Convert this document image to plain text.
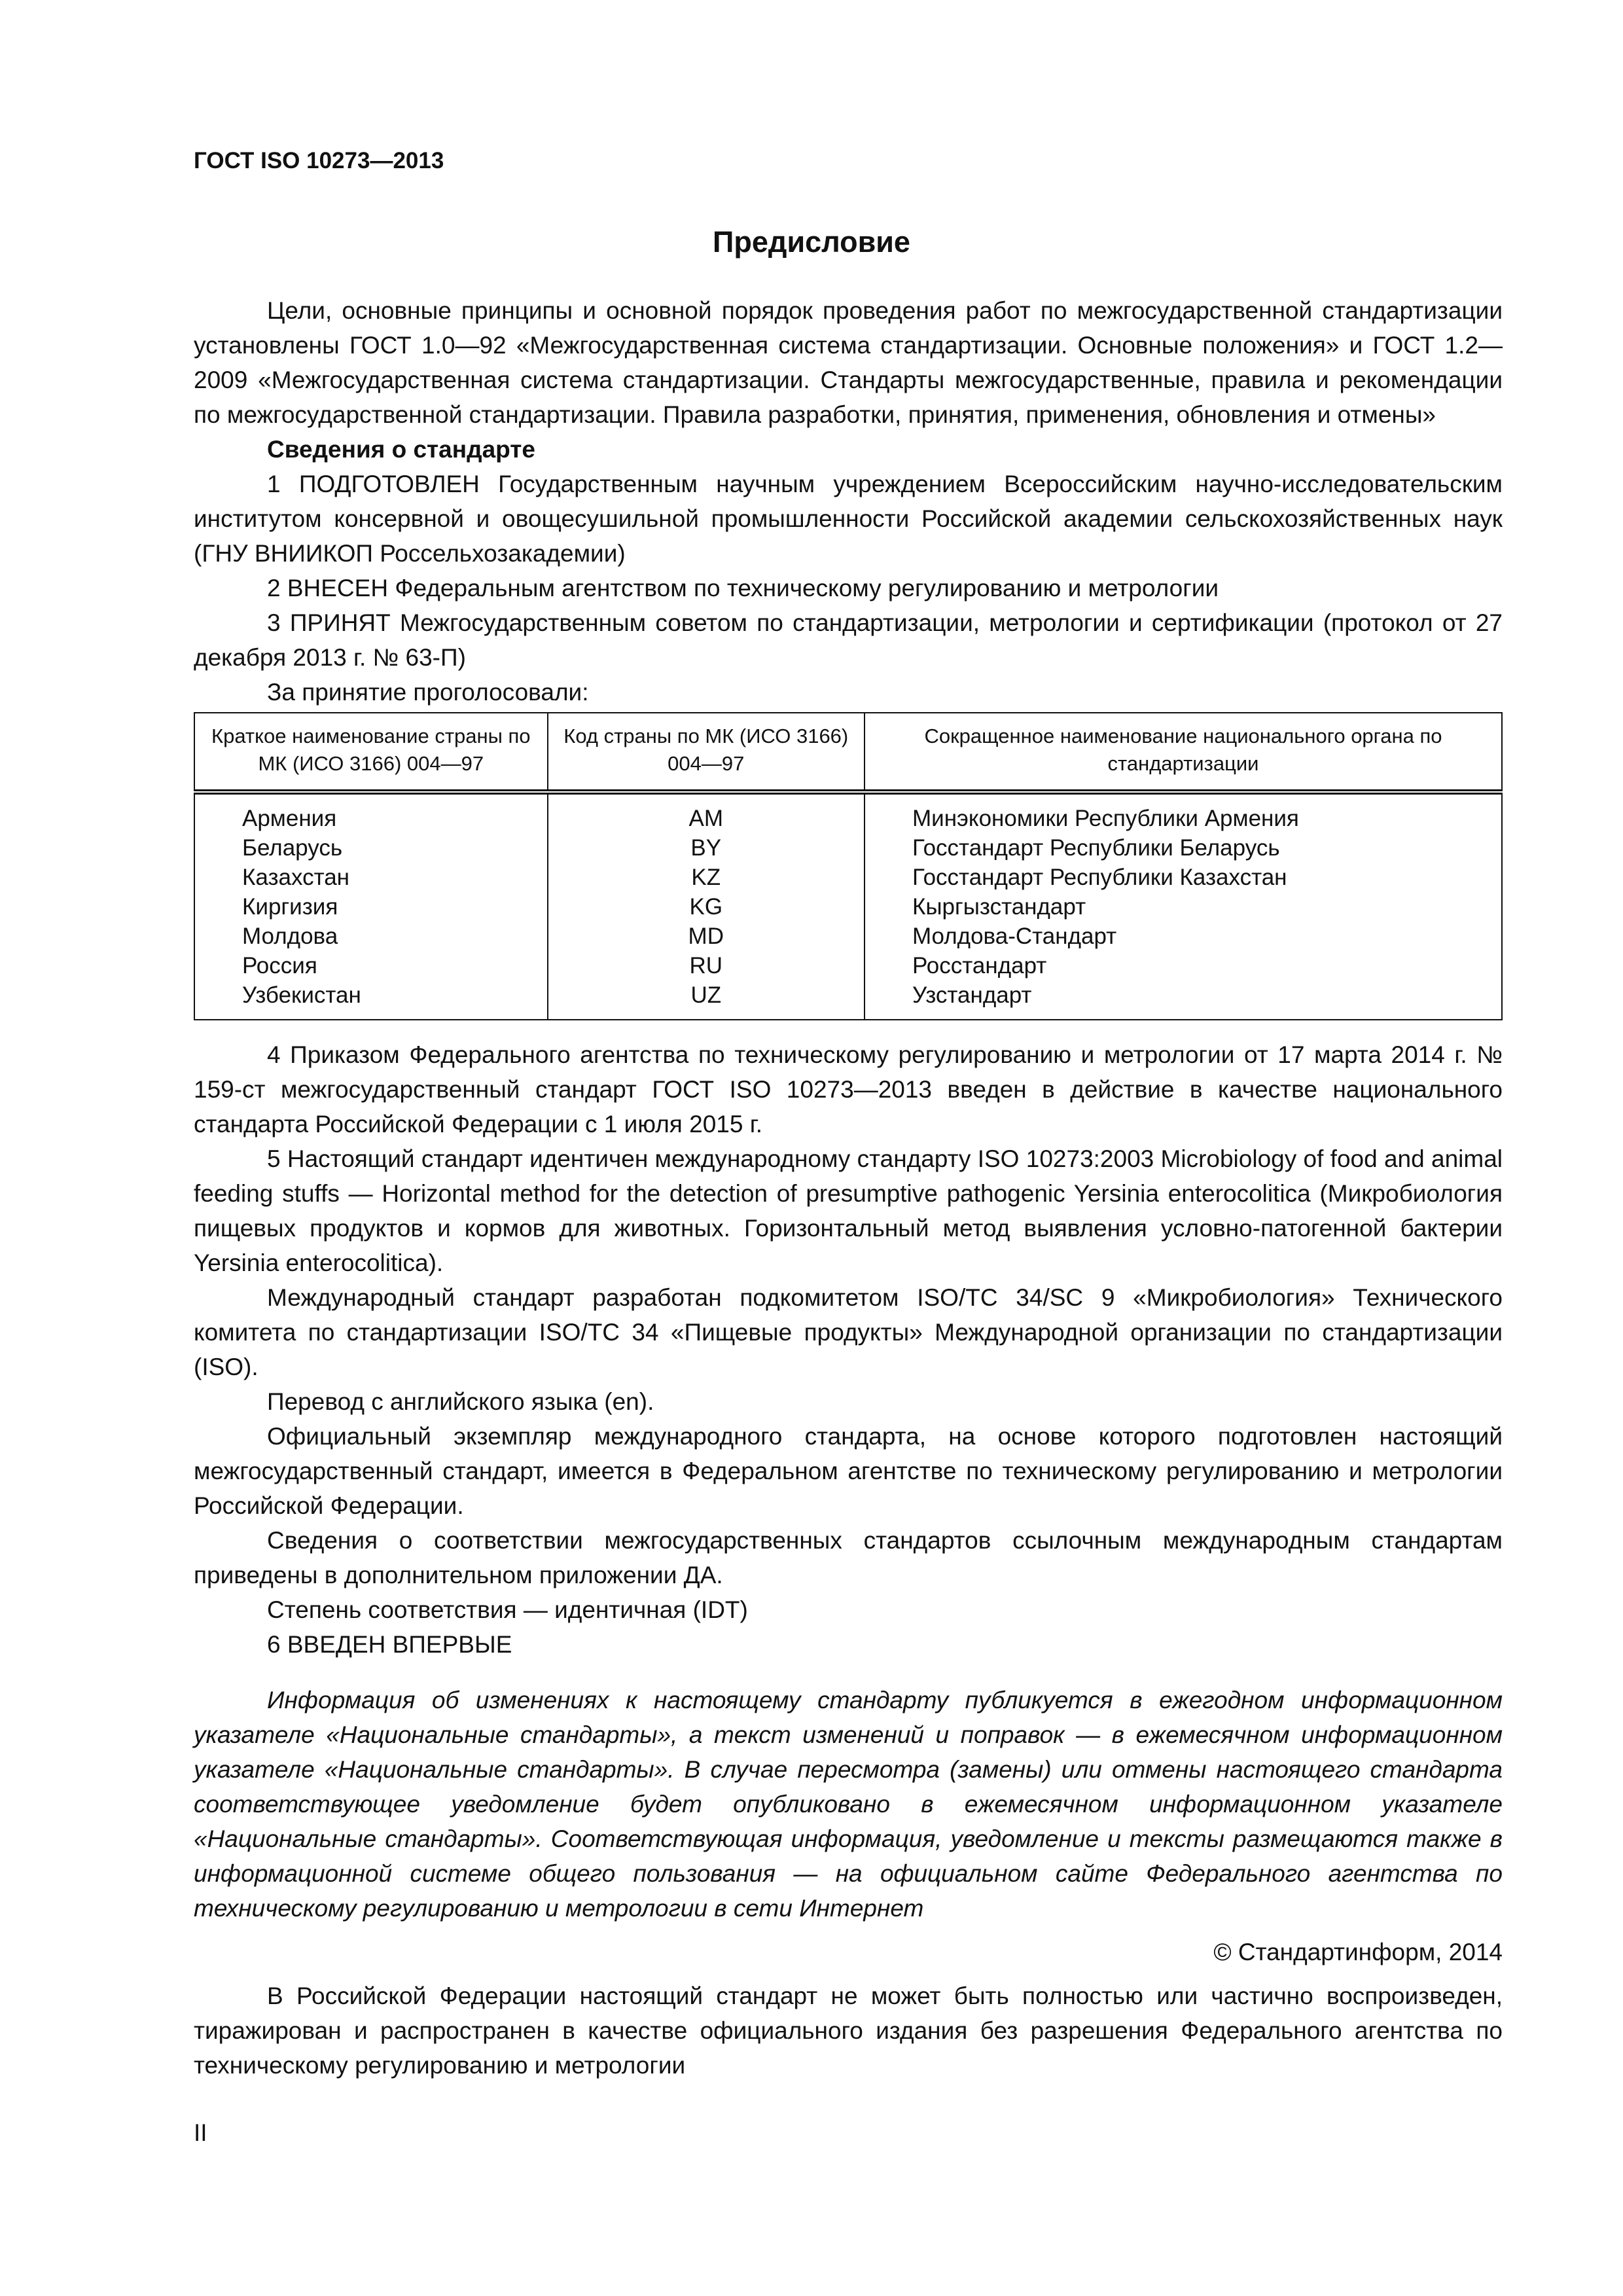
ГОСТ ISO 10273—2013

Предисловие

Цели, основные принципы и основной порядок проведения работ по межгосударственной стандартизации установлены ГОСТ 1.0—92 «Межгосударственная система стандартизации. Основные положения» и ГОСТ 1.2—2009 «Межгосударственная система стандартизации. Стандарты межгосударственные, правила и рекомендации по межгосударственной стандартизации. Правила разработки, принятия, применения, обновления и отмены»

Сведения о стандарте

1 ПОДГОТОВЛЕН Государственным научным учреждением Всероссийским научно-исследовательским институтом консервной и овощесушильной промышленности Российской академии сельскохозяйственных наук (ГНУ ВНИИКОП Россельхозакадемии)

2 ВНЕСЕН Федеральным агентством по техническому регулированию и метрологии

3 ПРИНЯТ Межгосударственным советом по стандартизации, метрологии и сертификации (протокол от 27 декабря 2013 г. № 63-П)

За принятие проголосовали:

Краткое наименование страны по МК (ИСО 3166) 004—97	Код страны по МК (ИСО 3166) 004—97	Сокращенное наименование национального органа по стандартизации
Армения	AM	Минэкономики Республики Армения
Беларусь	BY	Госстандарт Республики Беларусь
Казахстан	KZ	Госстандарт Республики Казахстан
Киргизия	KG	Кыргызстандарт
Молдова	MD	Молдова-Стандарт
Россия	RU	Росстандарт
Узбекистан	UZ	Узстандарт

4 Приказом Федерального агентства по техническому регулированию и метрологии от 17 марта 2014 г. № 159-ст межгосударственный стандарт ГОСТ ISO 10273—2013 введен в действие в качестве национального стандарта Российской Федерации с 1 июля 2015 г.

5 Настоящий стандарт идентичен международному стандарту ISO 10273:2003 Microbiology of food and animal feeding stuffs — Horizontal method for the detection of presumptive pathogenic Yersinia enterocolitica (Микробиология пищевых продуктов и кормов для животных. Горизонтальный метод выявления условно-патогенной бактерии Yersinia enterocolitica).

Международный стандарт разработан подкомитетом ISO/TC 34/SC 9 «Микробиология» Технического комитета по стандартизации ISO/TC 34 «Пищевые продукты» Международной организации по стандартизации (ISO).

Перевод с английского языка (en).

Официальный экземпляр международного стандарта, на основе которого подготовлен настоящий межгосударственный стандарт, имеется в Федеральном агентстве по техническому регулированию и метрологии Российской Федерации.

Сведения о соответствии межгосударственных стандартов ссылочным международным стандартам приведены в дополнительном приложении ДА.

Степень соответствия — идентичная (IDT)

6 ВВЕДЕН ВПЕРВЫЕ

Информация об изменениях к настоящему стандарту публикуется в ежегодном информационном указателе «Национальные стандарты», а текст изменений и поправок — в ежемесячном информационном указателе «Национальные стандарты». В случае пересмотра (замены) или отмены настоящего стандарта соответствующее уведомление будет опубликовано в ежемесячном информационном указателе «Национальные стандарты». Соответствующая информация, уведомление и тексты размещаются также в информационной системе общего пользования — на официальном сайте Федерального агентства по техническому регулированию и метрологии в сети Интернет

© Стандартинформ, 2014

В Российской Федерации настоящий стандарт не может быть полностью или частично воспроизведен, тиражирован и распространен в качестве официального издания без разрешения Федерального агентства по техническому регулированию и метрологии

II
